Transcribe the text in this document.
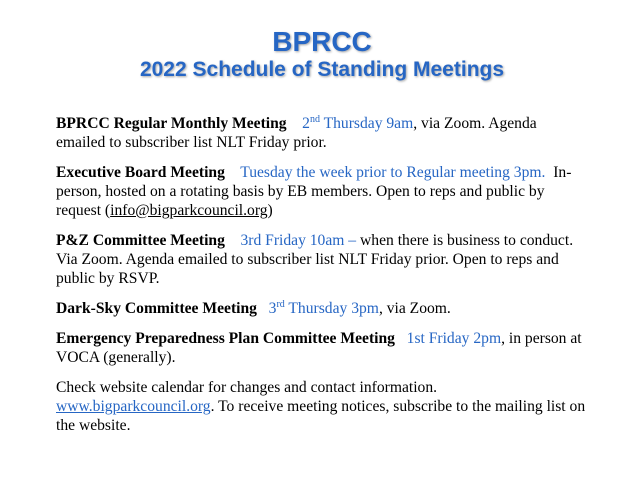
BPRCC
2022 Schedule of Standing Meetings

BPRCC Regular Monthly Meeting 2nd Thursday 9am, via Zoom. Agenda emailed to subscriber list NLT Friday prior.

Executive Board Meeting Tuesday the week prior to Regular meeting 3pm. In-person, hosted on a rotating basis by EB members. Open to reps and public by request (info@bigparkcouncil.org)

P&Z Committee Meeting 3rd Friday 10am – when there is business to conduct. Via Zoom. Agenda emailed to subscriber list NLT Friday prior. Open to reps and public by RSVP.

Dark-Sky Committee Meeting 3rd Thursday 3pm, via Zoom.

Emergency Preparedness Plan Committee Meeting 1st Friday 2pm, in person at VOCA (generally).

Check website calendar for changes and contact information. www.bigparkcouncil.org. To receive meeting notices, subscribe to the mailing list on the website.
